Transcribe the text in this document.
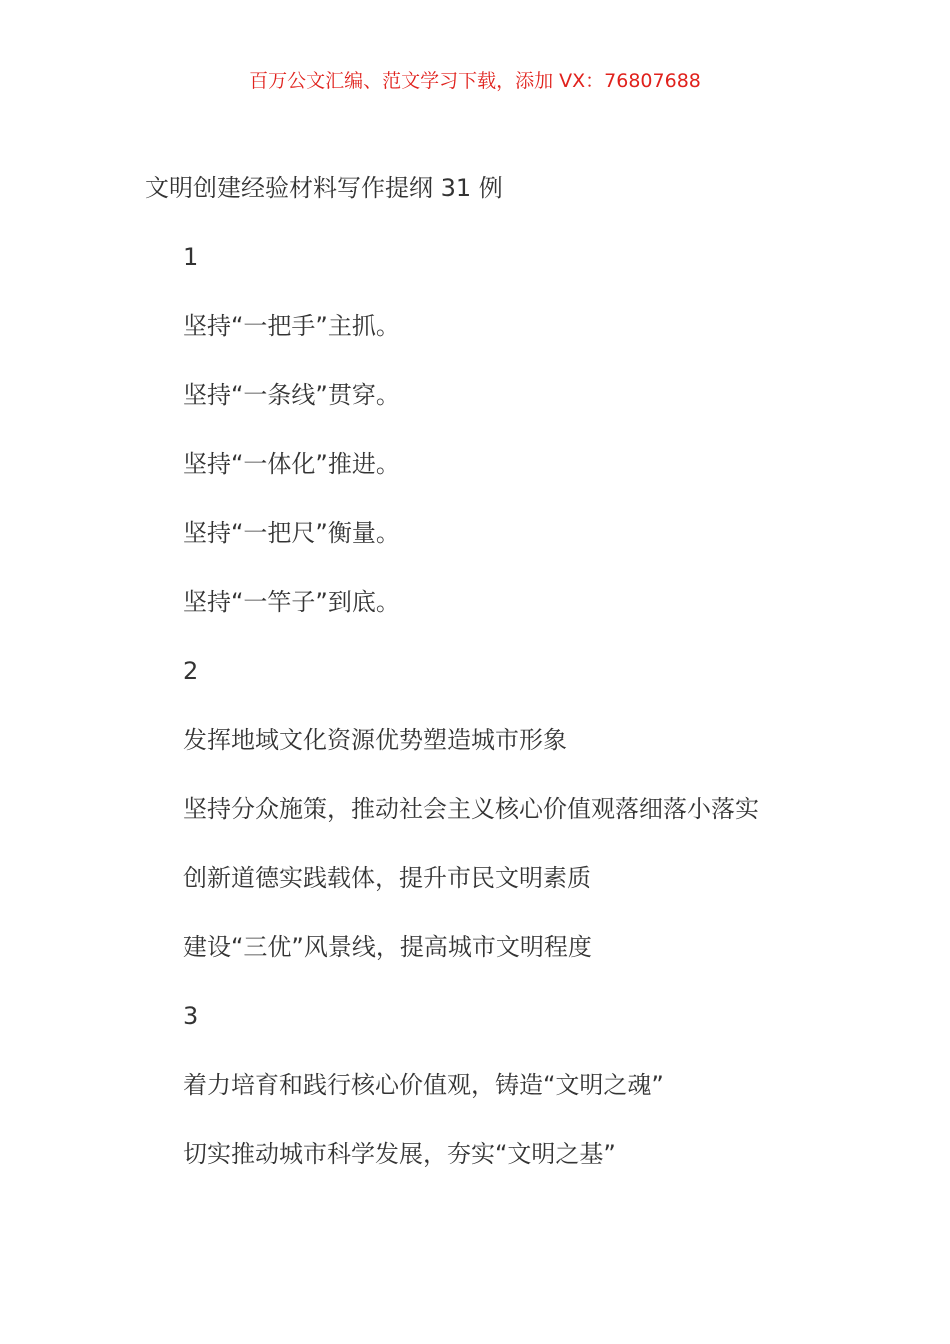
百万公文汇编、范文学习下载，添加 VX：76807688
文明创建经验材料写作提纲 31 例
1
坚持“一把手”主抓。
坚持“一条线”贯穿。
坚持“一体化”推进。
坚持“一把尺”衡量。
坚持“一竿子”到底。
2
发挥地域文化资源优势塑造城市形象
坚持分众施策，推动社会主义核心价值观落细落小落实
创新道德实践载体，提升市民文明素质
建设“三优”风景线，提高城市文明程度
3
着力培育和践行核心价值观，铸造“文明之魂”
切实推动城市科学发展，夯实“文明之基”
